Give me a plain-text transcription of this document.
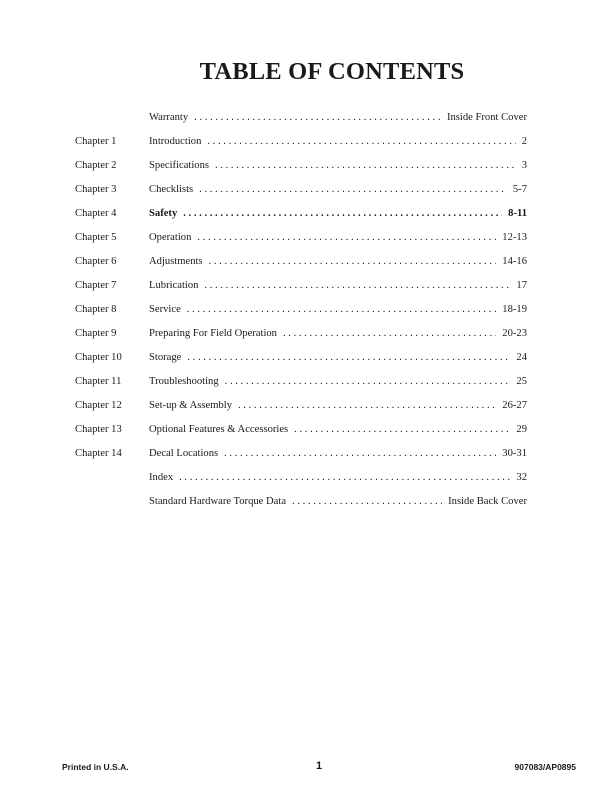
TABLE OF CONTENTS
Warranty . . .	Inside Front Cover
Chapter 1	Introduction . . .	2
Chapter 2	Specifications . . .	3
Chapter 3	Checklists . . .	5-7
Chapter 4	Safety . . .	8-11
Chapter 5	Operation . . .	12-13
Chapter 6	Adjustments . . .	14-16
Chapter 7	Lubrication . . .	17
Chapter 8	Service . . .	18-19
Chapter 9	Preparing For Field Operation . . .	20-23
Chapter 10	Storage . . .	24
Chapter 11	Troubleshooting . . .	25
Chapter 12	Set-up & Assembly . . .	26-27
Chapter 13	Optional Features & Accessories . . .	29
Chapter 14	Decal Locations . . .	30-31
Index . . .	32
Standard Hardware Torque Data . . .	Inside Back Cover
Printed in U.S.A.	1	907083/AP0895
